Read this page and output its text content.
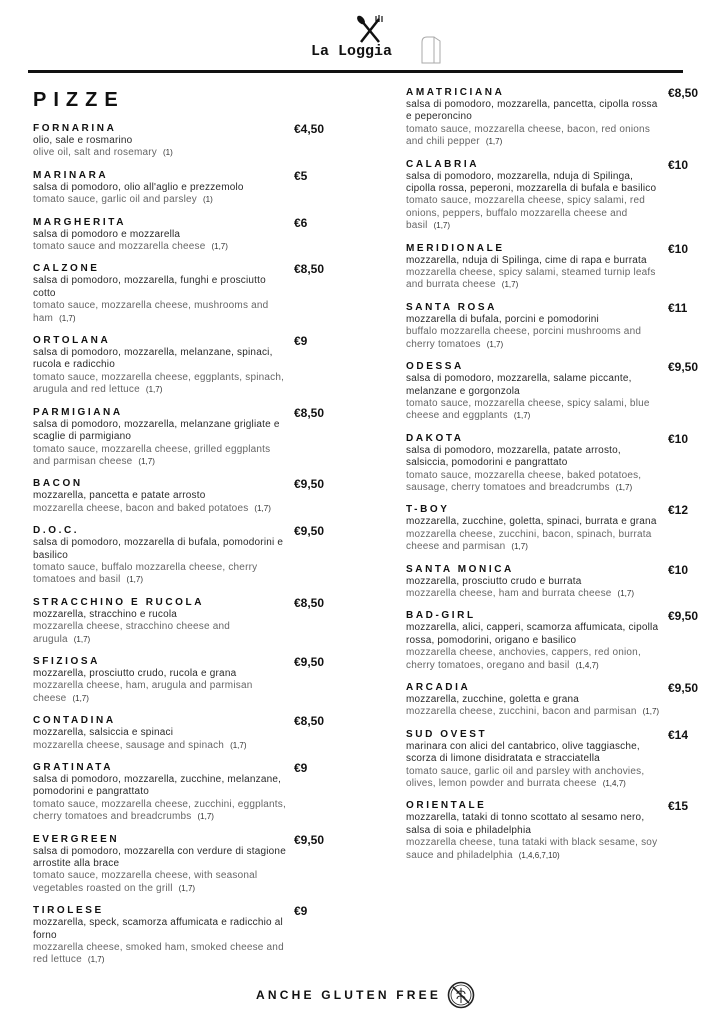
La Loggia
PIZZE
FORNARINA
olio, sale e rosmarino
olive oil, salt and rosemary (1)
€4,50
MARINARA
salsa di pomodoro, olio all'aglio e prezzemolo
tomato sauce, garlic oil and parsley (1)
€5
MARGHERITA
salsa di pomodoro e mozzarella
tomato sauce and mozzarella cheese (1,7)
€6
CALZONE
salsa di pomodoro, mozzarella, funghi e prosciutto cotto
tomato sauce, mozzarella cheese, mushrooms and ham (1,7)
€8,50
ORTOLANA
salsa di pomodoro, mozzarella, melanzane, spinaci, rucola e radicchio
tomato sauce, mozzarella cheese, eggplants, spinach, arugula and red lettuce (1,7)
€9
PARMIGIANA
salsa di pomodoro, mozzarella, melanzane grigliate e scaglie di parmigiano
tomato sauce, mozzarella cheese, grilled eggplants and parmisan cheese (1,7)
€8,50
BACON
mozzarella, pancetta e patate arrosto
mozzarella cheese, bacon and baked potatoes (1,7)
€9,50
D.O.C.
salsa di pomodoro, mozzarella di bufala, pomodorini e basilico
tomato sauce, buffalo mozzarella cheese, cherry tomatoes and basil (1,7)
€9,50
STRACCHINO E RUCOLA
mozzarella, stracchino e rucola
mozzarella cheese, stracchino cheese and arugula (1,7)
€8,50
SFIZIOSA
mozzarella, prosciutto crudo, rucola e grana
mozzarella cheese, ham, arugula and parmisan cheese (1,7)
€9,50
CONTADINA
mozzarella, salsiccia e spinaci
mozzarella cheese, sausage and spinach (1,7)
€8,50
GRATINATA
salsa di pomodoro, mozzarella, zucchine, melanzane, pomodorini e pangrattato
tomato sauce, mozzarella cheese, zucchini, eggplants, cherry tomatoes and breadcrumbs (1,7)
€9
EVERGREEN
salsa di pomodoro, mozzarella con verdure di stagione arrostite alla brace
tomato sauce, mozzarella cheese, with seasonal vegetables roasted on the grill (1,7)
€9,50
TIROLESE
mozzarella, speck, scamorza affumicata e radicchio al forno
mozzarella cheese, smoked ham, smoked cheese and red lettuce (1,7)
€9
AMATRICIANA
salsa di pomodoro, mozzarella, pancetta, cipolla rossa e peperoncino
tomato sauce, mozzarella cheese, bacon, red onions and chili pepper (1,7)
€8,50
CALABRIA
salsa di pomodoro, mozzarella, nduja di Spilinga, cipolla rossa, peperoni, mozzarella di bufala e basilico
tomato sauce, mozzarella cheese, spicy salami, red onions, peppers, buffalo mozzarella cheese and basil (1,7)
€10
MERIDIONALE
mozzarella, nduja di Spilinga, cime di rapa e burrata
mozzarella cheese, spicy salami, steamed turnip leafs and burrata cheese (1,7)
€10
SANTA ROSA
mozzarella di bufala, porcini e pomodorini
buffalo mozzarella cheese, porcini mushrooms and cherry tomatoes (1,7)
€11
ODESSA
salsa di pomodoro, mozzarella, salame piccante, melanzane e gorgonzola
tomato sauce, mozzarella cheese, spicy salami, blue cheese and eggplants (1,7)
€9,50
DAKOTA
salsa di pomodoro, mozzarella, patate arrosto, salsiccia, pomodorini e pangrattato
tomato sauce, mozzarella cheese, baked potatoes, sausage, cherry tomatoes and breadcrumbs (1,7)
€10
T-BOY
mozzarella, zucchine, goletta, spinaci, burrata e grana
mozzarella cheese, zucchini, bacon, spinach, burrata cheese and parmisan (1,7)
€12
SANTA MONICA
mozzarella, prosciutto crudo e burrata
mozzarella cheese, ham and burrata cheese (1,7)
€10
BAD-GIRL
mozzarella, alici, capperi, scamorza affumicata, cipolla rossa, pomodorini, origano e basilico
mozzarella cheese, anchovies, cappers, red onion, cherry tomatoes, oregano and basil (1,4,7)
€9,50
ARCADIA
mozzarella, zucchine, goletta e grana
mozzarella cheese, zucchini, bacon and parmisan (1,7)
€9,50
SUD OVEST
marinara con alici del cantabrico, olive taggiasche, scorza di limone disidratata e stracciatella
tomato sauce, garlic oil and parsley with anchovies, olives, lemon powder and burrata cheese (1,4,7)
€14
ORIENTALE
mozzarella, tataki di tonno scottato al sesamo nero, salsa di soia e philadelphia
mozzarella cheese, tuna tataki with black sesame, soy sauce and philadelphia (1,4,6,7,10)
€15
ANCHE GLUTEN FREE
